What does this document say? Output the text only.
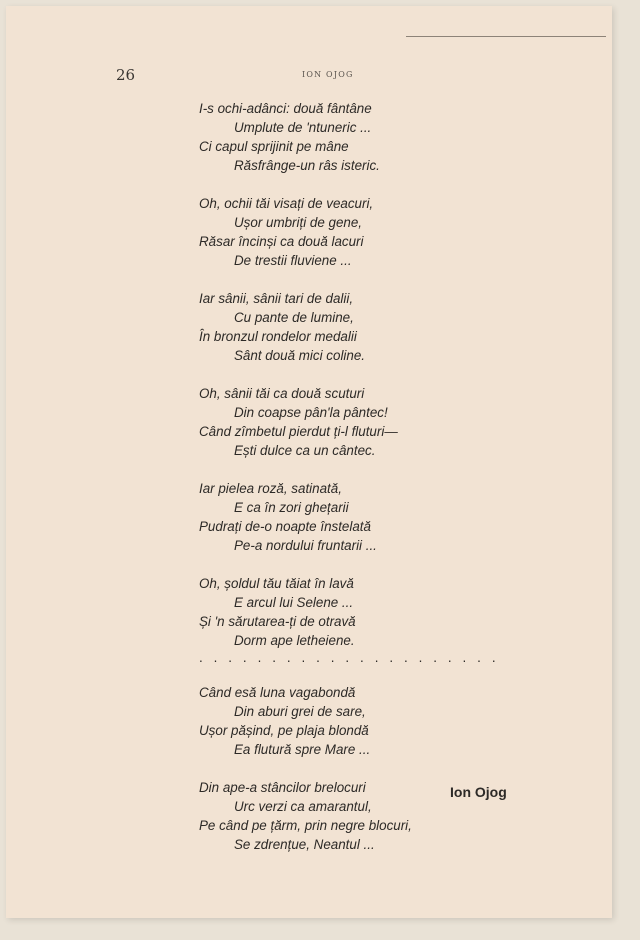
26	ION OJOG
I-s ochi-adânci: două fântâne
Umplute de 'ntuneric ...
Ci capul sprijinit pe mâne
Răsfrânge-un râs isteric.
Oh, ochii tăi visați de veacuri,
Ușor umbriți de gene,
Răsar încinși ca două lacuri
De trestii fluviene ...
Iar sânii, sânii tari de dalii,
Cu pante de lumine,
În bronzul rondelor medalii
Sânt două mici coline.
Oh, sânii tăi ca două scuturi
Din coapse pân'la pântec!
Când zîmbetul pierdut ți-l fluturi—
Ești dulce ca un cântec.
Iar pielea roză, satinată,
E ca în zori ghețarii
Pudrați de-o noapte înstelată
Pe-a nordului fruntarii ...
Oh, șoldul tău tăiat în lavă
E arcul lui Selene ...
Și 'n sărutarea-ți de otravă
Dorm ape letheiene.
. . . . . . . . . . . . . . . . . . . . .
Când esă luna vagabondă
Din aburi grei de sare,
Ușor pășind, pe plaja blondă
Ea flutură spre Mare ...
Din ape-a stâncilor brelocuri
Urc verzi ca amarantul,
Pe când pe țărm, prin negre blocuri,
Se zdrențue, Neantul ...
Ion Ojog
